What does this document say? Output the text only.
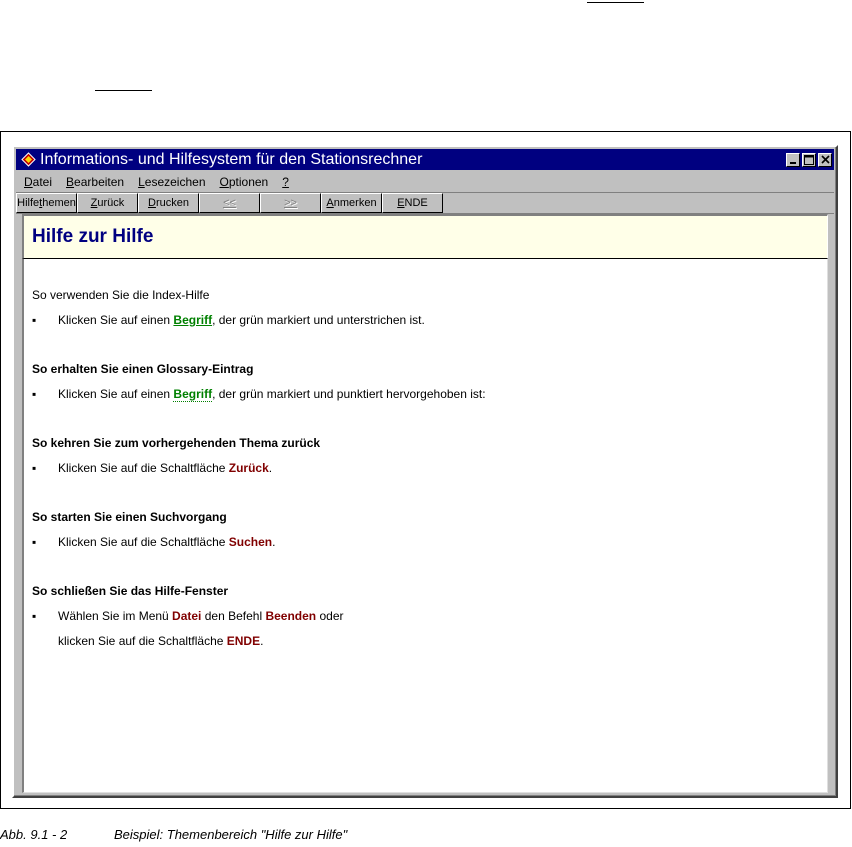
Informations- und Hilfesystem für den Stationsrechner
Datei Bearbeiten Lesezeichen Optionen ?
Hilfe t hemen Z urück D rucken	<<	>>	A nmerken E NDE
Hilfe zur Hilfe
So verwenden Sie die Index-Hilfe
▪	Klicken Sie auf einen Begriff, der grün markiert und unterstrichen ist.
So erhalten Sie einen Glossary-Eintrag
▪	Klicken Sie auf einen Begriff, der grün markiert und punktiert hervorgehoben ist:
So kehren Sie zum vorhergehenden Thema zurück
▪	Klicken Sie auf die Schaltfläche Zurück.
So starten Sie einen Suchvorgang
▪	Klicken Sie auf die Schaltfläche Suchen.
So schließen Sie das Hilfe-Fenster
▪	Wählen Sie im Menü Datei den Befehl Beenden oder
klicken Sie auf die Schaltfläche ENDE.
Abb. 9.1 - 2	Beispiel: Themenbereich "Hilfe zur Hilfe"
